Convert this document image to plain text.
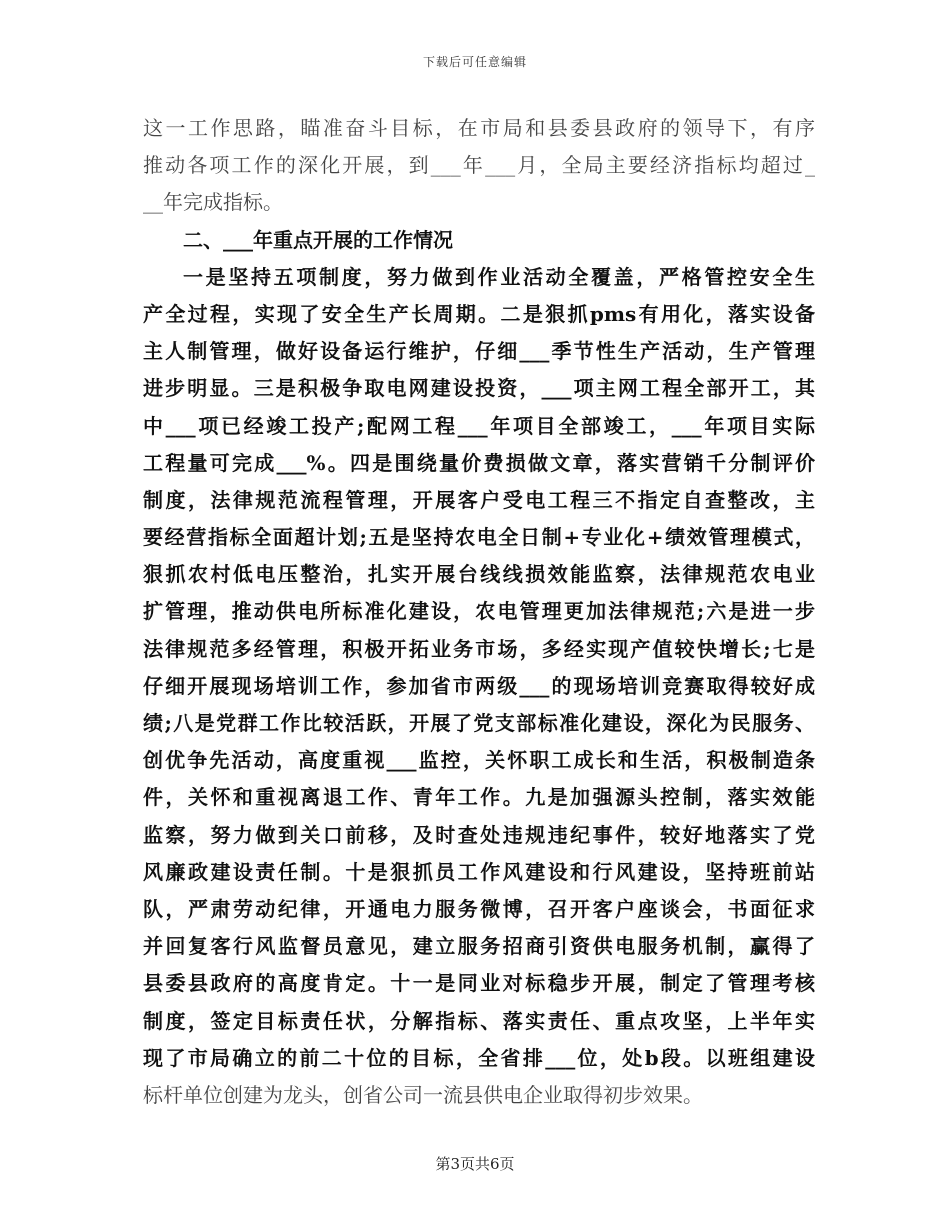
下载后可任意编辑
这一工作思路，瞄准奋斗目标，在市局和县委县政府的领导下，有序
推动各项工作的深化开展，到___年___月，全局主要经济指标均超过_
__年完成指标。
二、___年重点开展的工作情况
一是坚持五项制度，努力做到作业活动全覆盖，严格管控安全生
产全过程，实现了安全生产长周期。二是狠抓pms有用化，落实设备
主人制管理，做好设备运行维护，仔细___季节性生产活动，生产管理
进步明显。三是积极争取电网建设投资，___项主网工程全部开工，其
中___项已经竣工投产;配网工程___年项目全部竣工，___年项目实际
工程量可完成___%。四是围绕量价费损做文章，落实营销千分制评价
制度，法律规范流程管理，开展客户受电工程三不指定自查整改，主
要经营指标全面超计划;五是坚持农电全日制+专业化+绩效管理模式，
狠抓农村低电压整治，扎实开展台线线损效能监察，法律规范农电业
扩管理，推动供电所标准化建设，农电管理更加法律规范;六是进一步
法律规范多经管理，积极开拓业务市场，多经实现产值较快增长;七是
仔细开展现场培训工作，参加省市两级___的现场培训竞赛取得较好成
绩;八是党群工作比较活跃，开展了党支部标准化建设，深化为民服务、
创优争先活动，高度重视___监控，关怀职工成长和生活，积极制造条
件，关怀和重视离退工作、青年工作。九是加强源头控制，落实效能
监察，努力做到关口前移，及时查处违规违纪事件，较好地落实了党
风廉政建设责任制。十是狠抓员工作风建设和行风建设，坚持班前站
队，严肃劳动纪律，开通电力服务微博，召开客户座谈会，书面征求
并回复客行风监督员意见，建立服务招商引资供电服务机制，赢得了
县委县政府的高度肯定。十一是同业对标稳步开展，制定了管理考核
制度，签定目标责任状，分解指标、落实责任、重点攻坚，上半年实
现了市局确立的前二十位的目标，全省排___位，处b段。以班组建设
标杆单位创建为龙头，创省公司一流县供电企业取得初步效果。
第3页共6页
